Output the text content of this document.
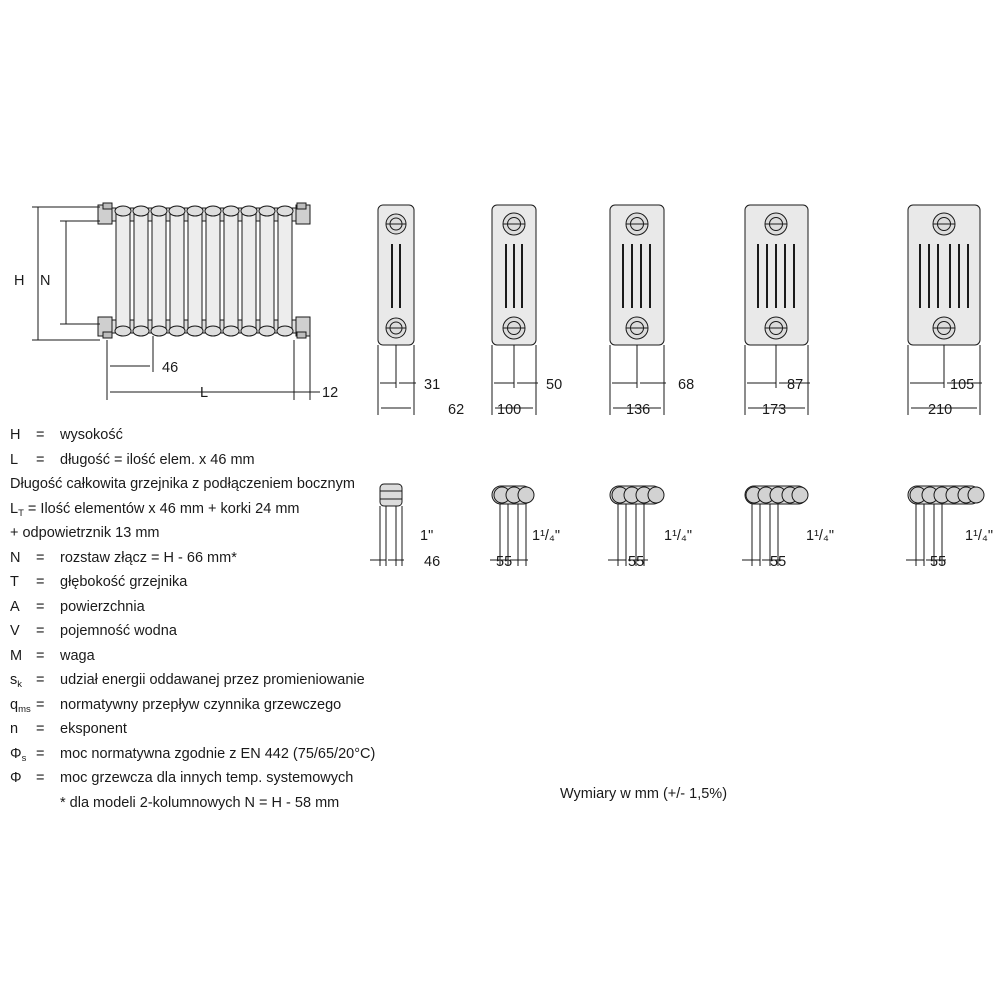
H N
46
L	12	31
62
50
100
68
136
87
173
105
210
1"
46
1¹/₄"
55
1¹/₄"
55
1¹/₄"
55
1¹/₄"
55
H	=	wysokość
L	=	długość = ilość elem. x 46 mm
Długość całkowita grzejnika z podłączeniem bocznym
$L_T$ = Ilość elementów x 46 mm + korki 24 mm
+ odpowietrznik 13 mm
N	=	rozstaw złącz = H - 66 mm*
T	=	głębokość grzejnika
A	=	powierzchnia
V	=	pojemność wodna
M =	waga
$s_k$ =	udział energii oddawanej przez promieniowanie
$q_{ms}$ =	normatywny przepływ czynnika grzewczego
n	=	eksponent
$\Phi_s$ =	moc normatywna zgodnie z EN 442 (75/65/20°C)
Φ =	moc grzewcza dla innych temp. systemowych
* dla modeli 2-kolumnowych N = H - 58 mm
Wymiary w mm (+/- 1,5%)
